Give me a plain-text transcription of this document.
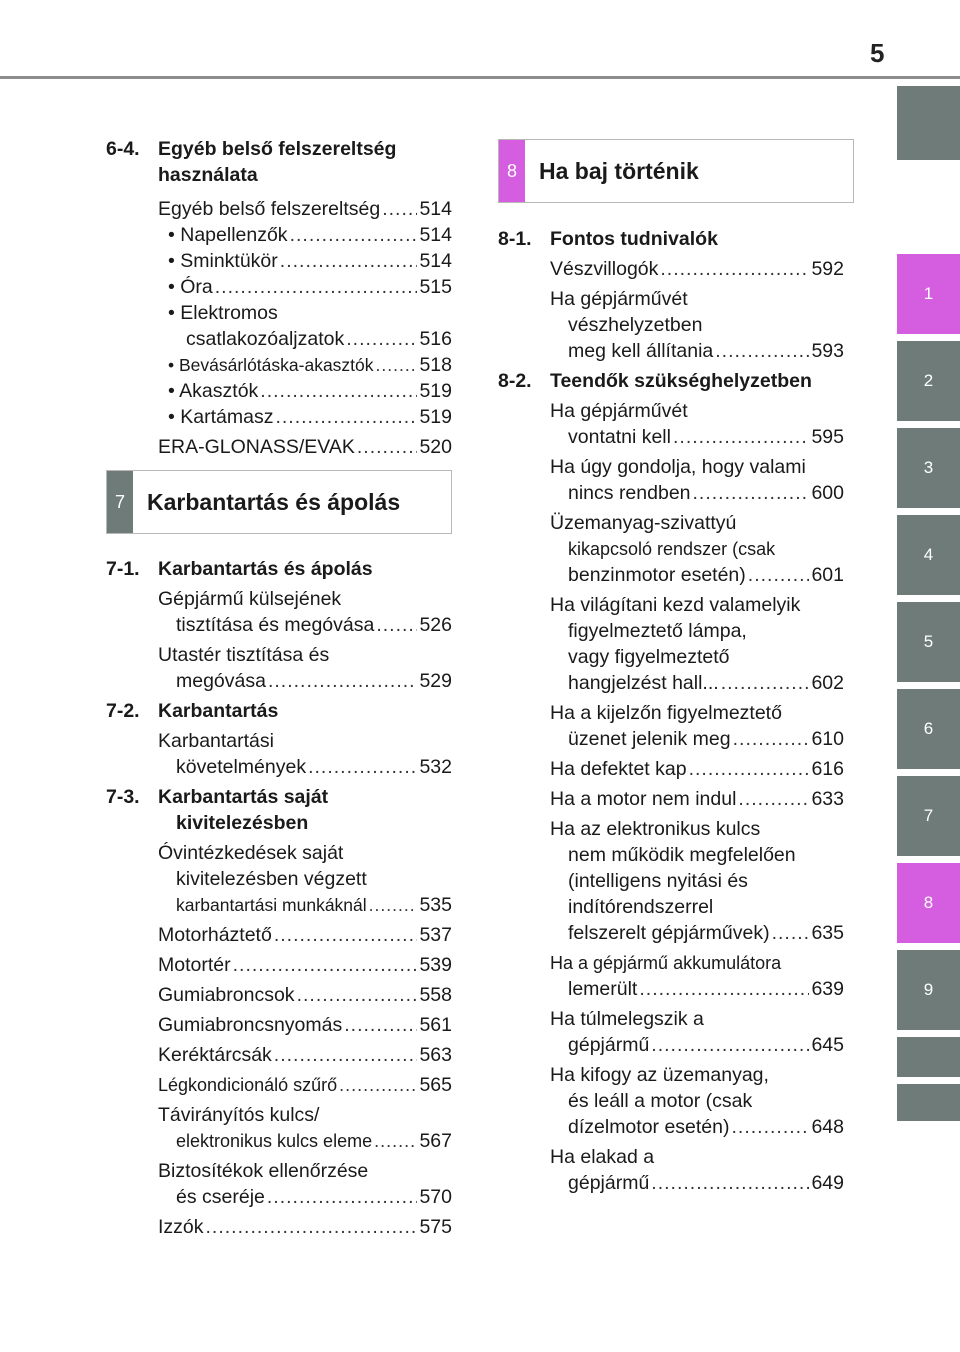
5
1
2
3
4
5
6
7
8
9
6-4. Egyéb belső felszereltség
használata
Egyéb belső felszereltség ..... 514
• Napellenzők .....	514
• Sminktükör .....	514
• Óra .....	515
• Elektromos
csatlakozóaljzatok .....	516
• Bevásárlótáska-akasztók ..... 518
• Akasztók .....	519
• Kartámasz .....	519
ERA-GLONASS/EVAK .....	520
7 Karbantartás és ápolás
7-1. Karbantartás és ápolás
Gépjármű külsejének
tisztítása és megóvása ..... 526
Utastér tisztítása és
megóvása .....	529
7-2. Karbantartás
Karbantartási
követelmények .....	532
7-3. Karbantartás saját
kivitelezésben
Óvintézkedések saját
kivitelezésben végzett
karbantartási munkáknál .....	535
Motorháztető .....	537
Motortér .....	539
Gumiabroncsok .....	558
Gumiabroncsnyomás .....	561
Keréktárcsák .....	563
Légkondicionáló szűrő .....	565
Távirányítós kulcs/
elektronikus kulcs eleme ..... 567
Biztosítékok ellenőrzése
és cseréje .....	570
Izzók .....	575
8 Ha baj történik
8-1. Fontos tudnivalók
Vészvillogók .....	592
Ha gépjárművét
vészhelyzetben
meg kell állítania .....	593
8-2. Teendők szükséghelyzetben
Ha gépjárművét
vontatni kell .....	595
Ha úgy gondolja, hogy valami
nincs rendben .....	600
Üzemanyag-szivattyú
kikapcsoló rendszer (csak
benzinmotor esetén) .....	601
Ha világítani kezd valamelyik
figyelmeztető lámpa,
vagy figyelmeztető
hangjelzést hall... .....	602
Ha a kijelzőn figyelmeztető
üzenet jelenik meg .....	610
Ha defektet kap .....	616
Ha a motor nem indul .....	633
Ha az elektronikus kulcs
nem működik megfelelően
(intelligens nyitási és
indítórendszerrel
felszerelt gépjárművek) ..... 635
Ha a gépjármű akkumulátora
lemerült .....	639
Ha túlmelegszik a
gépjármű .....	645
Ha kifogy az üzemanyag,
és leáll a motor (csak
dízelmotor esetén) .....	648
Ha elakad a
gépjármű .....	649
